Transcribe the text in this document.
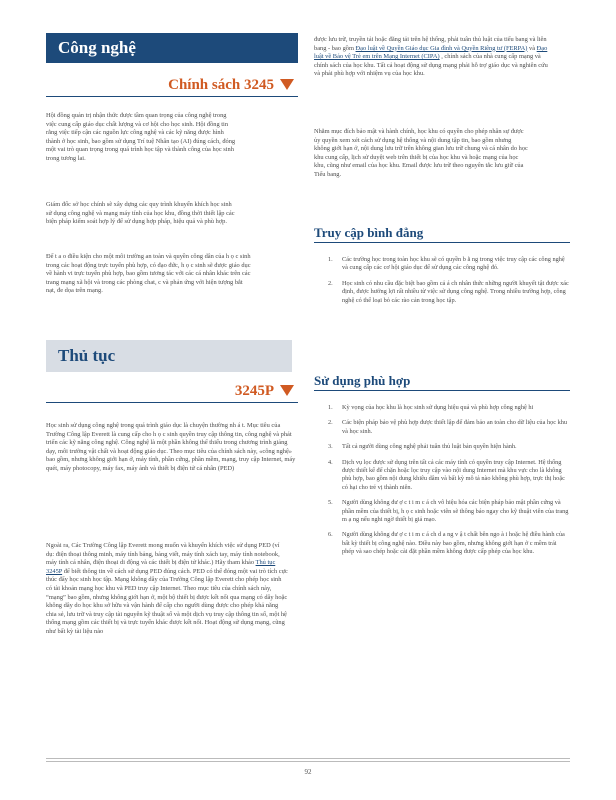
Công nghệ
Chính sách 3245

Hội đồng quản trị nhận thức được tầm quan trọng của công nghệ trong việc cung cấp giáo dục chất lượng và cơ hội cho học sinh. Hội đồng tin rằng việc tiếp cận các nguồn lực công nghệ và các kỹ năng được hình thành ở học sinh, bao gồm sử dụng Trí tuệ Nhân tạo (AI) đúng cách, đóng một vai trò quan trọng trong quá trình học tập và thành công của học sinh trong tương lai.

Giám đốc sở học chính sẽ xây dựng các quy trình khuyến khích học sinh sử dụng công nghệ và mạng máy tính của học khu, đồng thời thiết lập các biện pháp kiểm soát hợp lý để sử dụng hợp pháp, hiệu quả và phù hợp.

Để t a o điều kiện cho một môi trường an toàn và quyền công dân của h ọ c sinh trong các hoạt động trực tuyến phù hợp, có đạo đức, h ọ c sinh sẽ được giáo dục về hành vi trực tuyến phù hợp, bao gồm tương tác với các cá nhân khác trên các trang mạng xã hội và trong các phòng chat, c và phản ứng với hiện tượng bắt nạt, đe dọa trên mạng.

Thủ tục
3245P

Học sinh sử dụng công nghệ trong quá trình giáo dục là chuyện thường nh á t. Mục tiêu của Trường Công lập Everett là cung cấp cho h ọ c sinh quyền truy cập thông tin, công nghệ và phát triển các kỹ năng công nghệ. Công nghệ là một phần không thể thiếu trong chương trình giảng dạy, môi trường vật chất và hoạt động giáo dục. Theo mục tiêu của chính sách này, «công nghệ» bao gồm, nhưng không giới hạn ở, máy tính, phần cứng, phần mềm, mạng, truy cập Internet, máy quét, máy photocopy, máy fax, máy ảnh và thiết bị điện tử cá nhân (PED)

Ngoài ra, Các Trường Công lập Everett mong muốn và khuyến khích việc sử dụng PED (ví dụ: điện thoại thông minh, máy tính bảng, bảng viết, máy tính xách tay, máy tính notebook, máy tính cá nhân, điện thoại di động và các thiết bị điện tử khác.) Hãy tham khảo Thủ tục 3245P để biết thông tin về cách sử dụng PED đúng cách. PED có thể đóng một vai trò tích cực thúc đẩy học sinh học tập. Mạng không dây của Trường Công lập Everett cho phép học sinh có tài khoản mạng học khu và PED truy cập Internet. Theo mục tiêu của chính sách này, “mạng” bao gồm, nhưng không giới hạn ở, một bộ thiết bị được kết nối qua mạng có dây hoặc không dây do học khu sở hữu và vận hành để cấp cho người dùng được cho phép khả năng chia sẻ, lưu trữ và truy cập tài nguyên kỹ thuật số và một dịch vụ truy cập thông tin số, một hệ thống mạng gồm các thiết bị và trực tuyến khác được kết nối. Hoạt động sử dụng mạng, cũng như bất kỳ tài liệu nào

được lưu trữ, truyền tải hoặc đăng tải trên hệ thống, phải tuân thủ luật của tiểu bang và liên bang - bao gồm Đạo luật về Quyền Giáo dục Gia đình và Quyền Riêng tư (FERPA) và Đạo luật về Bảo vệ Trẻ em trên Mạng Internet (CIPA) , chính sách của nhà cung cấp mạng và chính sách của học khu. Tất cả hoạt động sử dụng mạng phải hỗ trợ giáo dục và nghiên cứu và phải phù hợp với nhiệm vụ của học khu.

Nhằm mục đích bảo mật và hành chính, học khu có quyền cho phép nhân sự được ủy quyền xem xét cách sử dụng hệ thống và nội dung tập tin, bao gồm nhưng không giới hạn ở, nội dung lưu trữ trên không gian lưu trữ chung và cá nhân do học khu cung cấp, lịch sử duyệt web trên thiết bị của học khu và hoặc mạng của học khu, cũng như email của học khu. Email được lưu trữ theo nguyên tắc lưu giữ của Tiểu bang.

Truy cập bình đẳng
1. Các trường học trong toàn học khu sẽ có quyền b ằ ng trong việc truy cập các công nghệ và cung cấp các cơ hội giáo dục để sử dụng các công nghệ đó.
2. Học sinh có nhu cầu đặc biệt bao gồm cả á ch nhân thức những người khuyết tật được xác định, được hưởng lợi rất nhiều từ việc sử dụng công nghệ. Trong nhiều trường hợp, công nghệ có thể loại bỏ các rào cản trong học tập.
Sử dụng phù hợp
1. Kỳ vọng của học khu là học sinh sử dụng hiệu quả và phù hợp công nghệ hi
2. Các biện pháp bảo vệ phù hợp được thiết lập để đảm bảo an toàn cho dữ liệu của học khu và học sinh.
3. Tất cả người dùng công nghệ phải tuân thủ luật bản quyền hiện hành.
4. Dịch vụ lọc được sử dụng trên tất cả các máy tính có quyền truy cập Internet. Hệ thống được thiết kế để chặn hoặc lọc truy cập vào nội dung Internet mà khu vực cho là không phù hợp, bao gồm nội dung khiêu dâm và bất kỳ mô tả nào không phù hợp, trực thị hoặc có hại cho trẻ vị thành niên.
5. Người dùng không đư ợ c t i m c á ch vô hiệu hóa các biện pháp bảo mật phần cứng và phần mềm của thiết bị, h ọ c sinh hoặc viên sẽ thông báo ngay cho kỹ thuật viên của trang m ạ ng nếu nghi ngờ thiết bị giả mạo.
6. Người dùng không đư ợ c t i m c á ch d a ng v ậ t chất bên ngo à i hoặc hệ điều hành của bất kỳ thiết bị công nghệ nào. Điều này bao gồm, nhưng không giới hạn ở c mềm trái phép và sao chép hoặc cài đặt phần mềm không được cấp phép của học khu.
92
